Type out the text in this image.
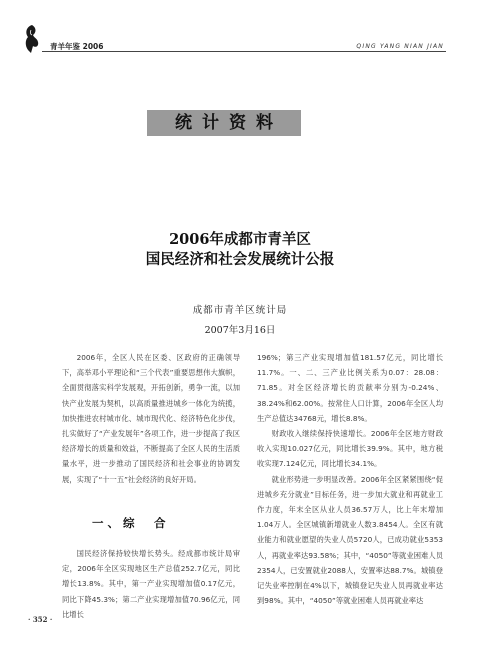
青羊年鉴 2006	QING YANG NIAN JIAN
统计资料
2006年成都市青羊区
国民经济和社会发展统计公报
成都市青羊区统计局
2007年3月16日

2006年，全区人民在区委、区政府的正确领导下，高举邓小平理论和“三个代表”重要思想伟大旗帜，全面贯彻落实科学发展观，开拓创新，勇争一流，以加快产业发展为契机，以高质量推进城乡一体化为统揽，加快推进农村城市化、城市现代化、经济特色化步伐，扎实做好了“产业发展年”各项工作，进一步提高了我区经济增长的质量和效益，不断提高了全区人民的生活质量水平，进一步推动了国民经济和社会事业的协调发展，实现了“十一五”社会经济的良好开局。

一、综　合

国民经济保持较快增长势头。经成都市统计局审定，2006年全区实现地区生产总值252.7亿元，同比增长13.8%。其中，第一产业实现增加值0.17亿元，同比下降45.3%；第二产业实现增加值70.96亿元，同比增长

196%；第三产业实现增加值181.57亿元，同比增长11.7%。一、二、三产业比例关系为0.07：28.08：71.85。对全区经济增长的贡献率分别为-0.24%、38.24%和62.00%。按常住人口计算，2006年全区人均生产总值达34768元，增长8.8%。

财政收入继续保持快速增长。2006年全区地方财政收入实现10.027亿元，同比增长39.9%。其中，地方税收实现7.124亿元，同比增长34.1%。

就业形势进一步明显改善。2006年全区紧紧围绕“促进城乡充分就业”目标任务，进一步加大就业和再就业工作力度，年末全区从业人员36.57万人，比上年末增加1.04万人。全区城镇新增就业人数3.8454人。全区有就业能力和就业愿望的失业人员5720人，已成功就业5353人，再就业率达93.58%；其中，“4050”等就业困难人员2354人，已安置就业2088人，安置率达88.7%。城镇登记失业率控制在4%以下，城镇登记失业人员再就业率达到98%。其中，“4050”等就业困难人员再就业率达

· 352 ·
